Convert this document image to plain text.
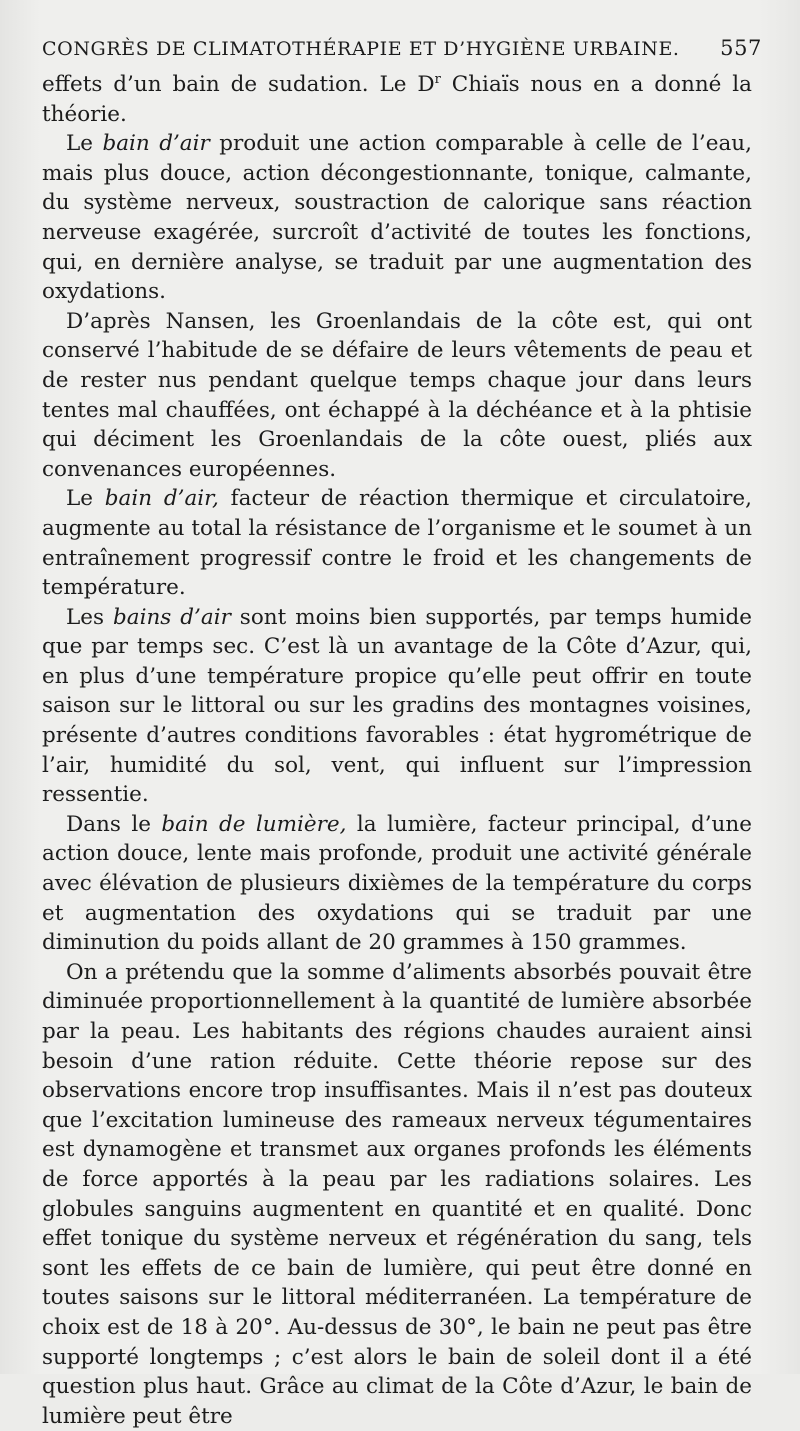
CONGRÈS DE CLIMATOTHÉRAPIE ET D’HYGIÈNE URBAINE. 557

effets d’un bain de sudation. Le $D^r$ Chiaïs nous en a donné la théorie.

Le bain d’air produit une action comparable à celle de l’eau, mais plus douce, action décongestionnante, tonique, calmante, du système nerveux, soustraction de calorique sans réaction nerveuse exagérée, surcroît d’activité de toutes les fonctions, qui, en dernière analyse, se traduit par une augmentation des oxydations.

D’après Nansen, les Groenlandais de la côte est, qui ont conservé l’habitude de se défaire de leurs vêtements de peau et de rester nus pendant quelque temps chaque jour dans leurs tentes mal chauffées, ont échappé à la déchéance et à la phtisie qui déciment les Groenlandais de la côte ouest, pliés aux convenances européennes.

Le bain d’air, facteur de réaction thermique et circulatoire, augmente au total la résistance de l’organisme et le soumet à un entraînement progressif contre le froid et les changements de température.

Les bains d’air sont moins bien supportés, par temps humide que par temps sec. C’est là un avantage de la Côte d’Azur, qui, en plus d’une température propice qu’elle peut offrir en toute saison sur le littoral ou sur les gradins des montagnes voisines, présente d’autres conditions favorables : état hygrométrique de l’air, humidité du sol, vent, qui influent sur l’impression ressentie.

Dans le bain de lumière, la lumière, facteur principal, d’une action douce, lente mais profonde, produit une activité générale avec élévation de plusieurs dixièmes de la température du corps et augmentation des oxydations qui se traduit par une diminution du poids allant de 20 grammes à 150 grammes.

On a prétendu que la somme d’aliments absorbés pouvait être diminuée proportionnellement à la quantité de lumière absorbée par la peau. Les habitants des régions chaudes auraient ainsi besoin d’une ration réduite. Cette théorie repose sur des observations encore trop insuffisantes. Mais il n’est pas douteux que l’excitation lumineuse des rameaux nerveux tégumentaires est dynamogène et transmet aux organes profonds les éléments de force apportés à la peau par les radiations solaires. Les globules sanguins augmentent en quantité et en qualité. Donc effet tonique du système nerveux et régénération du sang, tels sont les effets de ce bain de lumière, qui peut être donné en toutes saisons sur le littoral méditerranéen. La température de choix est de 18 à 20°. Au-dessus de 30°, le bain ne peut pas être supporté longtemps ; c’est alors le bain de soleil dont il a été question plus haut. Grâce au climat de la Côte d’Azur, le bain de lumière peut être
